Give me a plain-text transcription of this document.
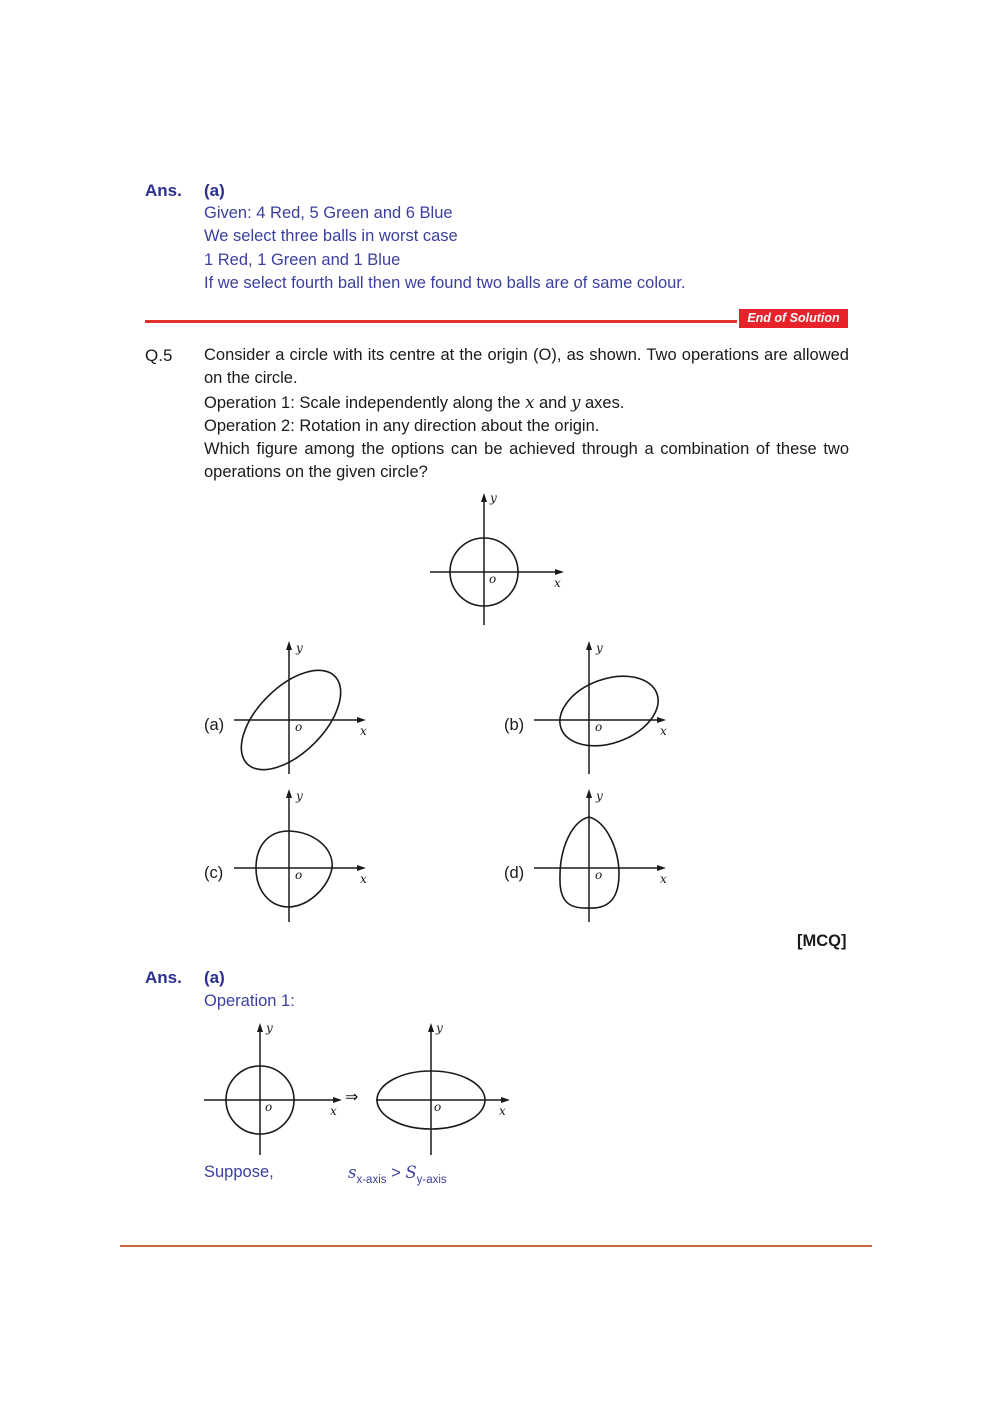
Ans. (a)
Given: 4 Red, 5 Green and 6 Blue
We select three balls in worst case
1 Red, 1 Green and 1 Blue
If we select fourth ball then we found two balls are of same colour.
End of Solution
Q.5 Consider a circle with its centre at the origin (O), as shown. Two operations are allowed on the circle.

Operation 1: Scale independently along the x and y axes.

Operation 2: Rotation in any direction about the origin.

Which figure among the options can be achieved through a combination of these two operations on the given circle?

y
o	x
(a)
y
o	x	(b)
y
o	x
(c)
y
o	x	(d)
y
o	x
[MCQ]
Ans. (a)
Operation 1:
y
o	x
⇒
y
o	x
Suppose,	$s_{x-axis} > S_{y-axis}$
